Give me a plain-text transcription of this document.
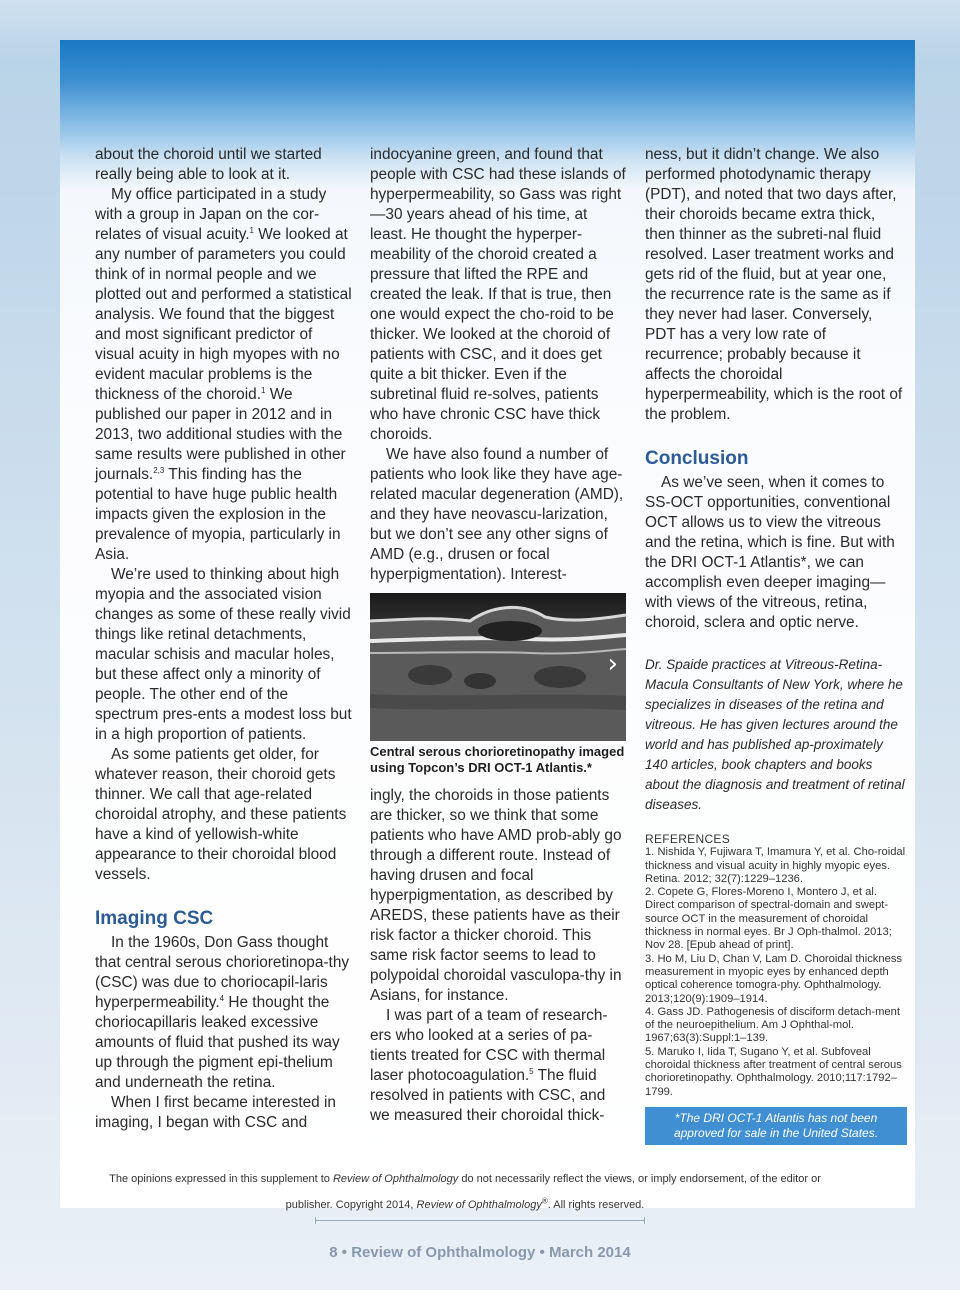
about the choroid until we started really being able to look at it.

My office participated in a study with a group in Japan on the cor-relates of visual acuity.$^1$ We looked at any number of parameters you could think of in normal people and we plotted out and performed a statistical analysis. We found that the biggest and most significant predictor of visual acuity in high myopes with no evident macular problems is the thickness of the choroid.$^1$ We published our paper in 2012 and in 2013, two additional studies with the same results were published in other journals.$^{2,3}$ This finding has the potential to have huge public health impacts given the explosion in the prevalence of myopia, particularly in Asia.

We’re used to thinking about high myopia and the associated vision changes as some of these really vivid things like retinal detachments, macular schisis and macular holes, but these affect only a minority of people. The other end of the spectrum pres-ents a modest loss but in a high proportion of patients.

As some patients get older, for whatever reason, their choroid gets thinner. We call that age-related choroidal atrophy, and these patients have a kind of yellowish-white appearance to their choroidal blood vessels.

Imaging CSC

In the 1960s, Don Gass thought that central serous chorioretinopa-thy (CSC) was due to choriocapil-laris hyperpermeability.$^4$ He thought the choriocapillaris leaked excessive amounts of fluid that pushed its way up through the pigment epi-thelium and underneath the retina.

When I first became interested in imaging, I began with CSC and

indocyanine green, and found that people with CSC had these islands of hyperpermeability, so Gass was right—30 years ahead of his time, at least. He thought the hyperper-meability of the choroid created a pressure that lifted the RPE and created the leak. If that is true, then one would expect the cho-roid to be thicker. We looked at the choroid of patients with CSC, and it does get quite a bit thicker. Even if the subretinal fluid re-solves, patients who have chronic CSC have thick choroids.

We have also found a number of patients who look like they have age-related macular degeneration (AMD), and they have neovascu-larization, but we don’t see any other signs of AMD (e.g., drusen or focal hyperpigmentation). Interest-

›
Central serous chorioretinopathy imaged using Topcon’s DRI OCT-1 Atlantis.*

ingly, the choroids in those patients are thicker, so we think that some patients who have AMD prob-ably go through a different route. Instead of having drusen and focal hyperpigmentation, as described by AREDS, these patients have as their risk factor a thicker choroid. This same risk factor seems to lead to polypoidal choroidal vasculopa-thy in Asians, for instance.

I was part of a team of research-ers who looked at a series of pa-tients treated for CSC with thermal laser photocoagulation.$^5$ The fluid resolved in patients with CSC, and we measured their choroidal thick-

ness, but it didn’t change. We also performed photodynamic therapy (PDT), and noted that two days after, their choroids became extra thick, then thinner as the subreti-nal fluid resolved. Laser treatment works and gets rid of the fluid, but at year one, the recurrence rate is the same as if they never had laser. Conversely, PDT has a very low rate of recurrence; probably because it affects the choroidal hyperpermeability, which is the root of the problem.

Conclusion

As we’ve seen, when it comes to SS-OCT opportunities, conventional OCT allows us to view the vitreous and the retina, which is fine. But with the DRI OCT-1 Atlantis*, we can accomplish even deeper imaging—with views of the vitreous, retina, choroid, sclera and optic nerve.

Dr. Spaide practices at Vitreous-Retina-Macula Consultants of New York, where he specializes in diseases of the retina and vitreous. He has given lectures around the world and has published ap-proximately 140 articles, book chapters and books about the diagnosis and treatment of retinal diseases.
REFERENCES
1. Nishida Y, Fujiwara T, Imamura Y, et al. Cho-roidal thickness and visual acuity in highly myopic eyes. Retina. 2012; 32(7):1229–1236.
2. Copete G, Flores-Moreno I, Montero J, et al. Direct comparison of spectral-domain and swept-source OCT in the measurement of choroidal thickness in normal eyes. Br J Oph-thalmol. 2013; Nov 28. [Epub ahead of print].
3. Ho M, Liu D, Chan V, Lam D. Choroidal thickness measurement in myopic eyes by enhanced depth optical coherence tomogra-phy. Ophthalmology. 2013;120(9):1909–1914.
4. Gass JD. Pathogenesis of disciform detach-ment of the neuroepithelium. Am J Ophthal-mol. 1967;63(3):Suppl:1–139.
5. Maruko I, Iida T, Sugano Y, et al. Subfoveal choroidal thickness after treatment of central serous chorioretinopathy. Ophthalmology. 2010;117:1792–1799.
*The DRI OCT-1 Atlantis has not been approved for sale in the United States.
The opinions expressed in this supplement to Review of Ophthalmology do not necessarily reflect the views, or imply endorsement, of the editor or publisher. Copyright 2014, Review of Ophthalmology®. All rights reserved.
8 • Review of Ophthalmology • March 2014
